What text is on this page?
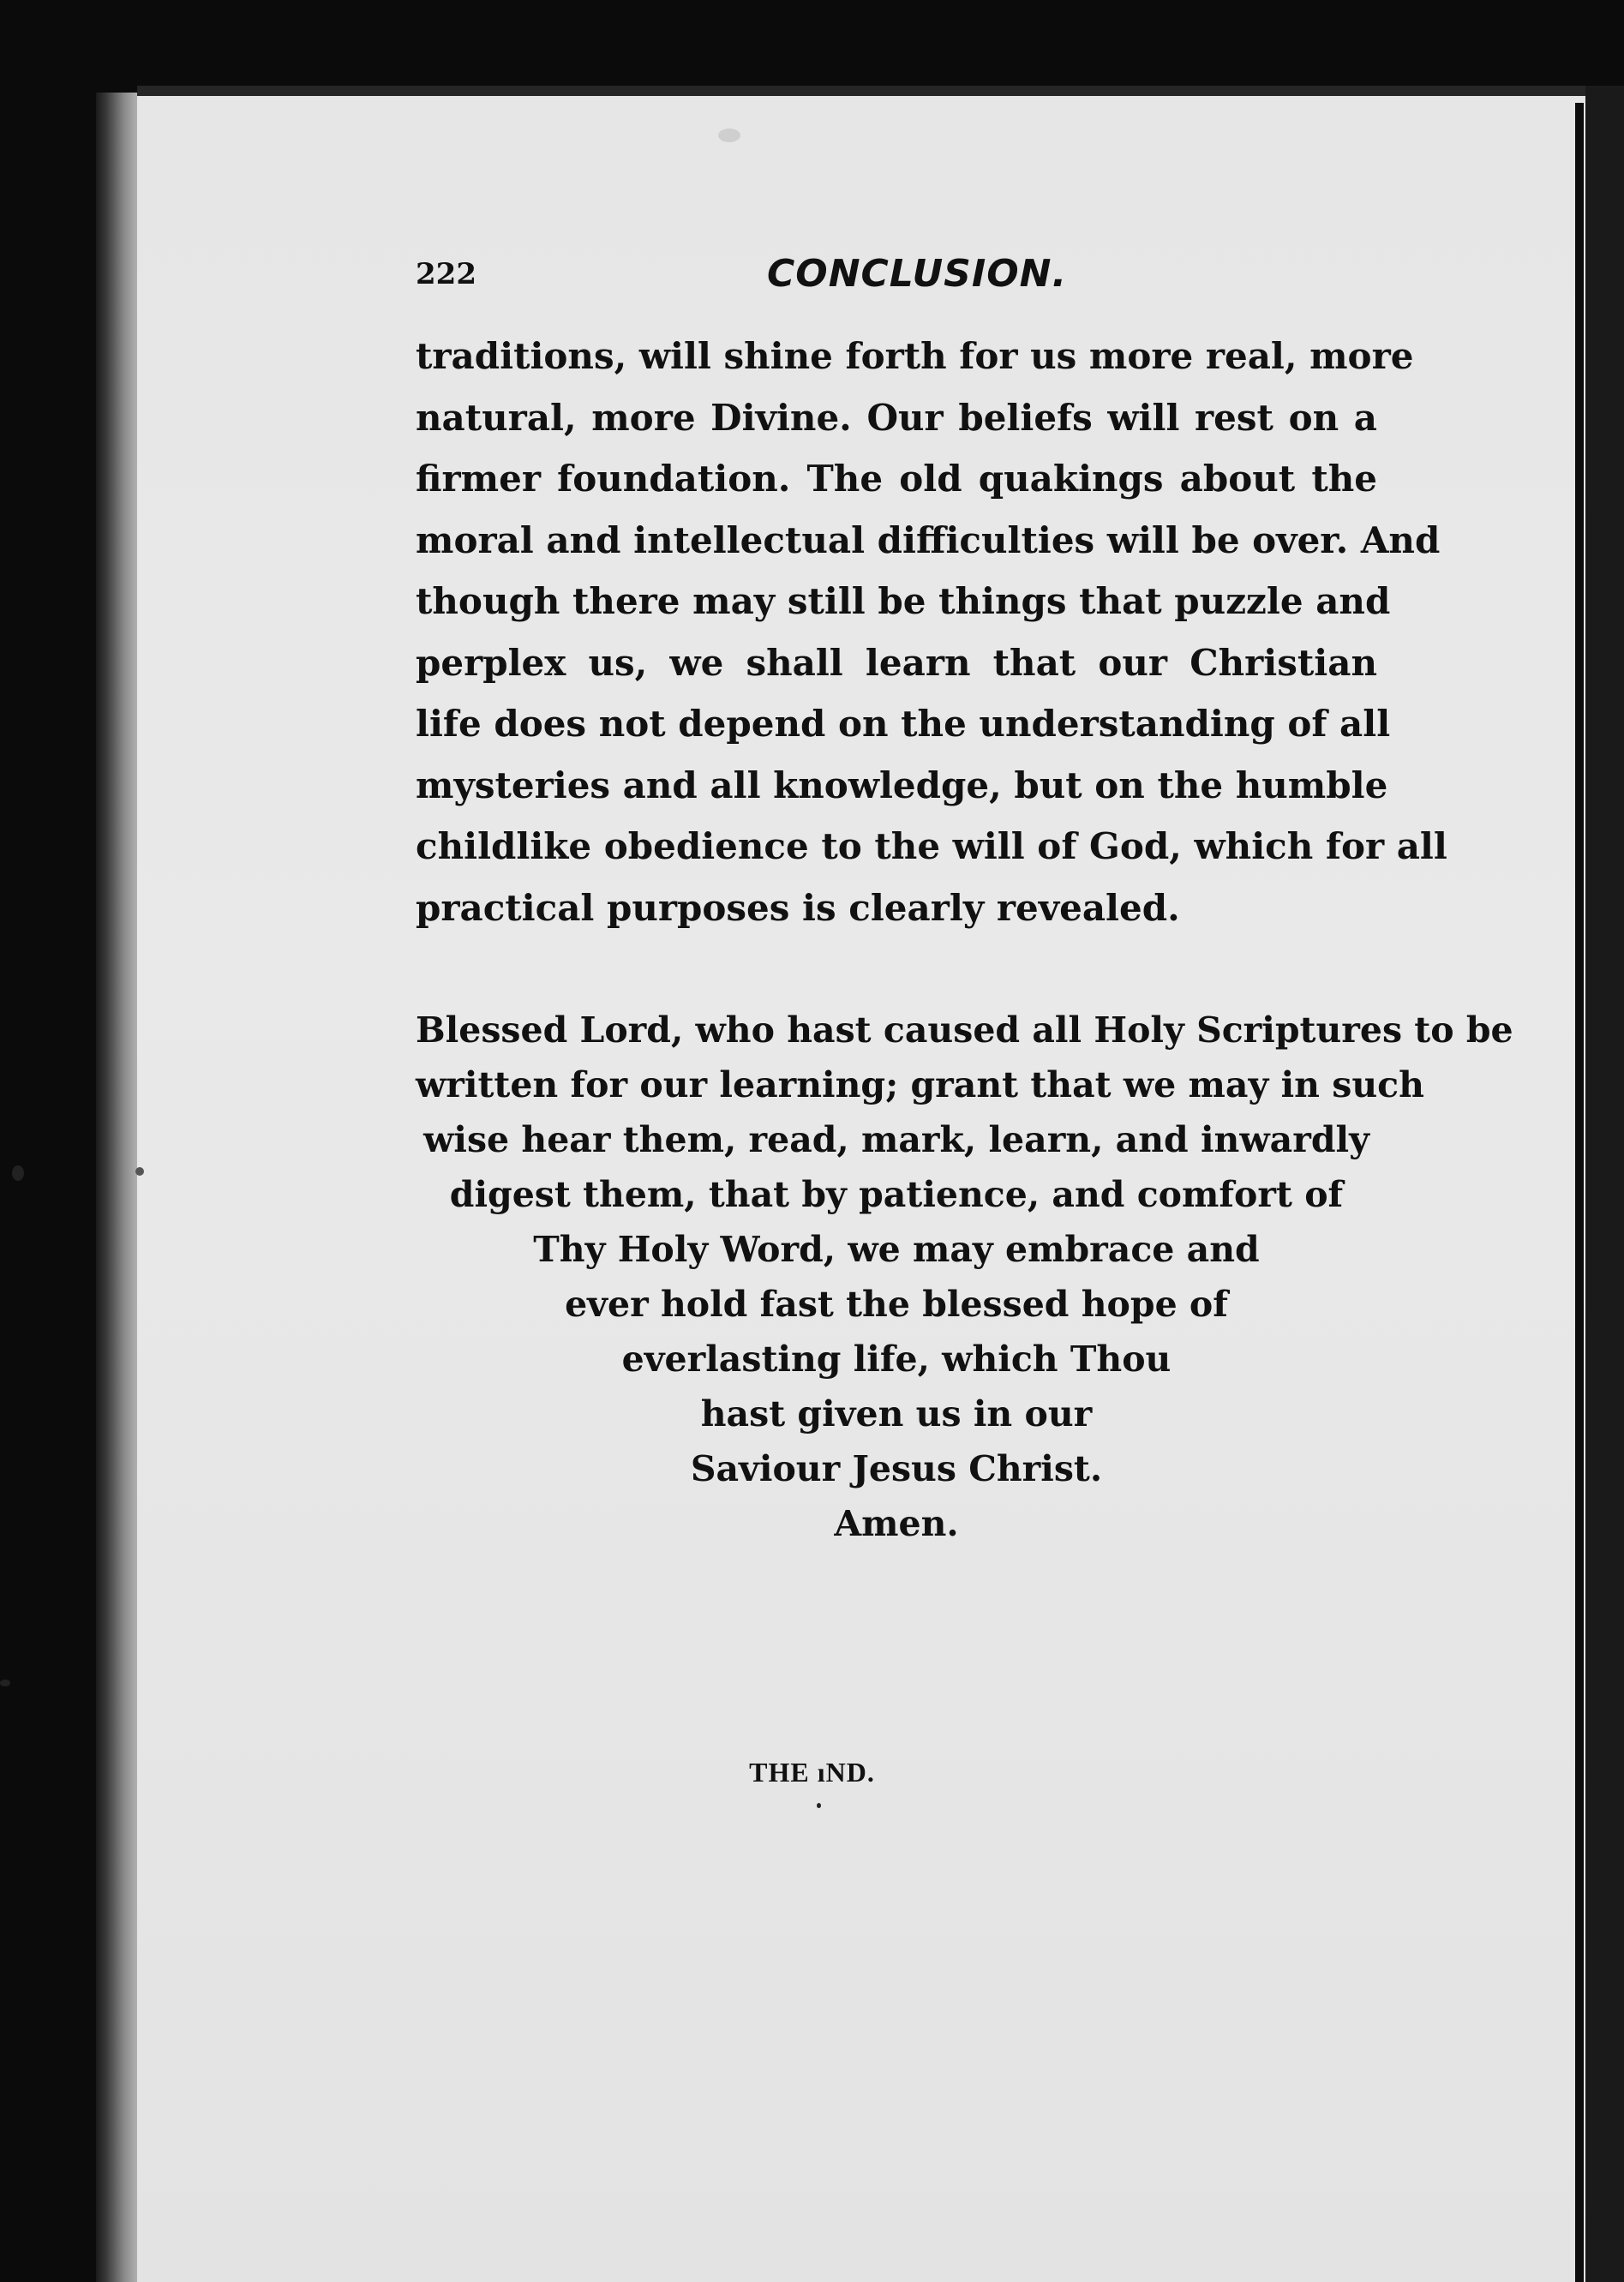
222	CONCLUSION.
traditions, will shine forth for us more real, more
natural, more Divine. Our beliefs will rest on a
firmer foundation. The old quakings about the
moral and intellectual difficulties will be over. And
though there may still be things that puzzle and
perplex us, we shall learn that our Christian
life does not depend on the understanding of all
mysteries and all knowledge, but on the humble
childlike obedience to the will of God, which for all
practical purposes is clearly revealed.
Blessed Lord, who hast caused all Holy Scriptures to be
written for our learning; grant that we may in such
wise hear them, read, mark, learn, and inwardly
digest them, that by patience, and comfort of
Thy Holy Word, we may embrace and
ever hold fast the blessed hope of
everlasting life, which Thou
hast given us in our
Saviour Jesus Christ.
Amen.
THE ıND.
